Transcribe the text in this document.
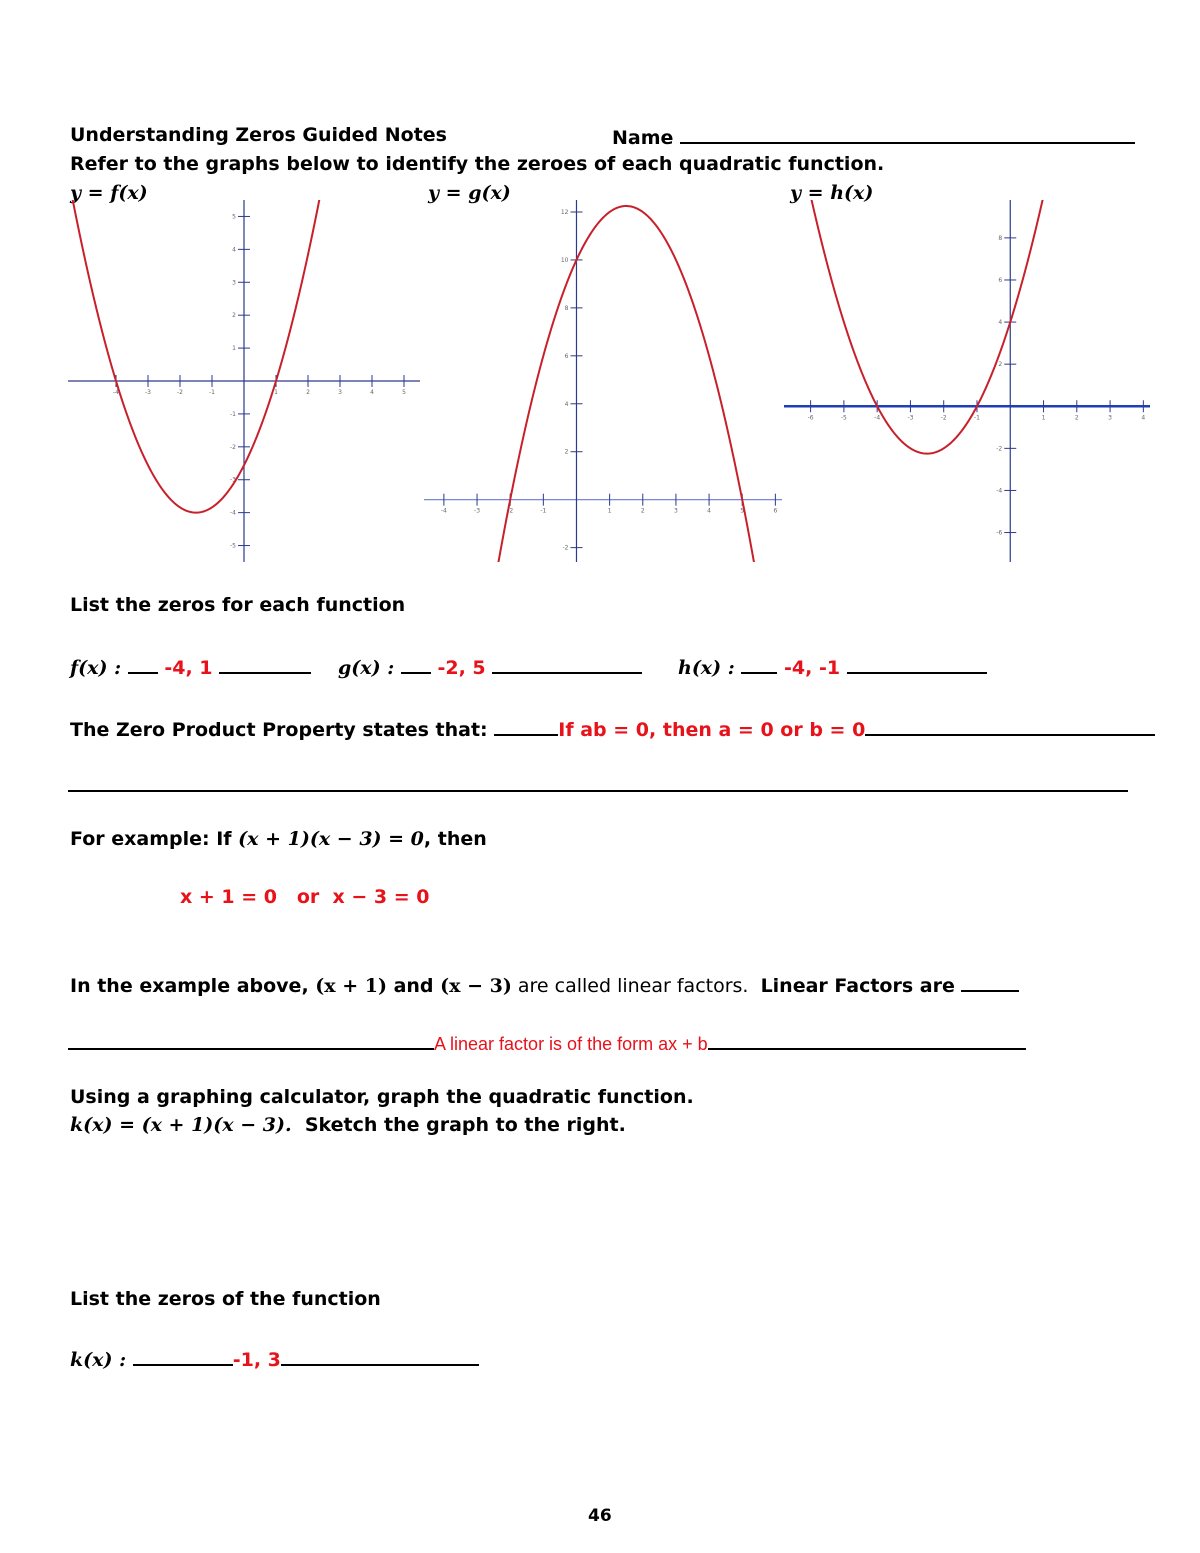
Understanding Zeros Guided Notes	Name
Refer to the graphs below to identify the zeroes of each quadratic function.
y = f(x)	y = g(x)	y = h(x)
-4	-3	-2	-1	1	2	3	4	5
-5
-4
-3
-2
-1
1
2
3
4
5
-4	-3	-2	-1	1	2	3	4	5	6
-2
2
4
6
8
10
12
-6	-5	-4	-3	-2	-1	1	2	3	4
-6
-4
-2
2
4
6
8
List the zeros for each function
f(x) : -4, 1	g(x) : -2, 5	h(x) :	-4, -1
The Zero Product Property states that:	If ab = 0, then a = 0 or b = 0
For example: If (x + 1)(x − 3) = 0, then
x + 1 = 0   or  x − 3 = 0
In the example above, (x + 1) and (x − 3) are called linear factors.  Linear Factors are
A linear factor is of the form ax + b
Using a graphing calculator, graph the quadratic function.
k(x) = (x + 1)(x − 3).  Sketch the graph to the right.
List the zeros of the function
k(x) :	-1, 3
46
